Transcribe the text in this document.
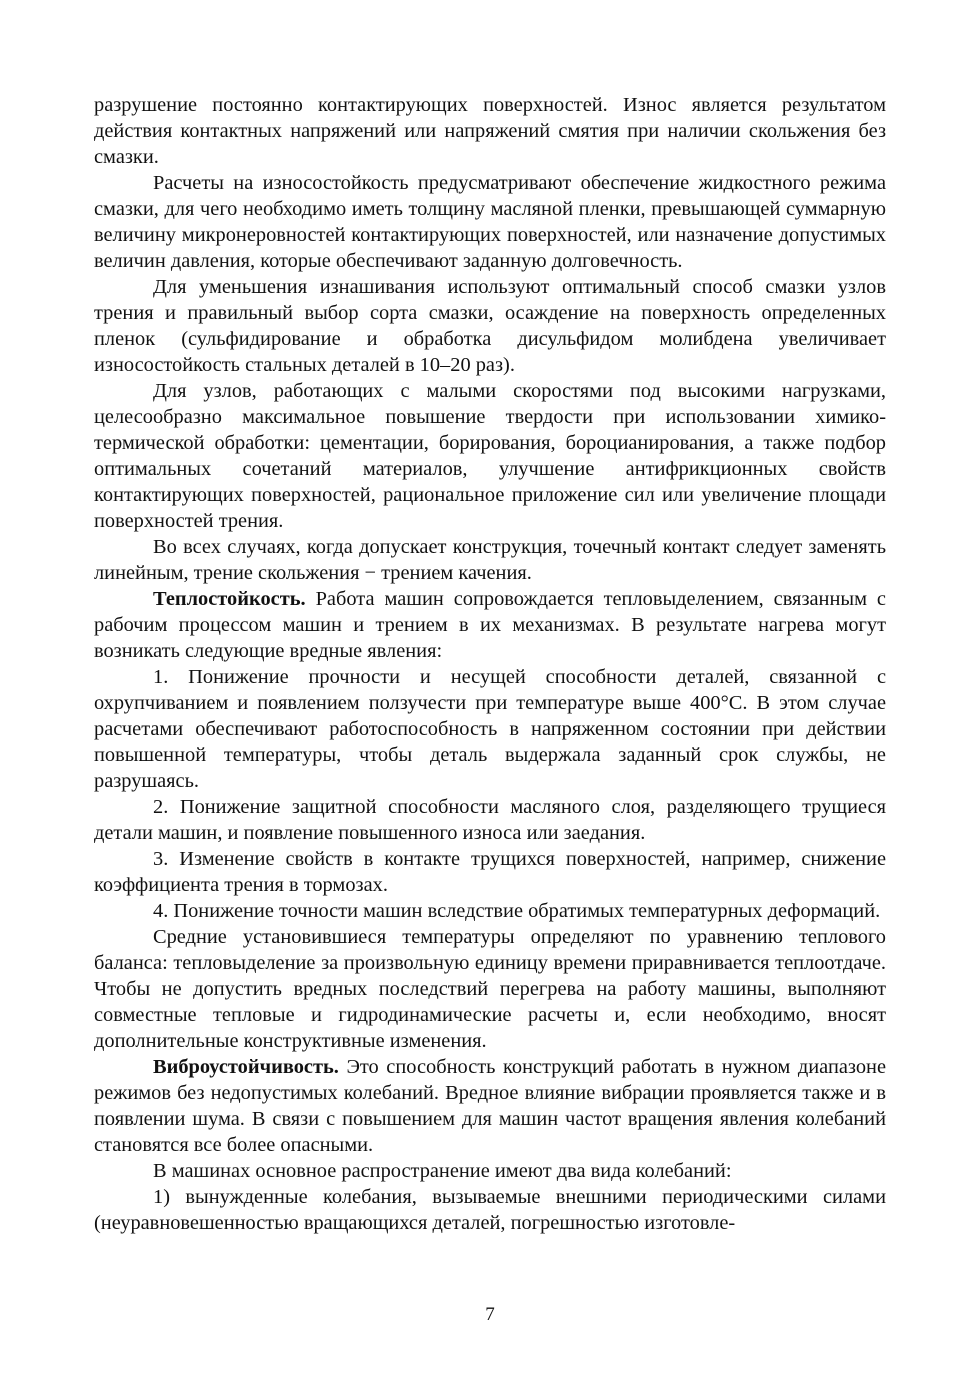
разрушение постоянно контактирующих поверхностей. Износ является результатом действия контактных напряжений или напряжений смятия при наличии скольжения без смазки.

Расчеты на износостойкость предусматривают обеспечение жидкостного режима смазки, для чего необходимо иметь толщину масляной пленки, превышающей суммарную величину микронеровностей контактирующих поверхностей, или назначение допустимых величин давления, которые обеспечивают заданную долговечность.

Для уменьшения изнашивания используют оптимальный способ смазки узлов трения и правильный выбор сорта смазки, осаждение на поверхность определенных пленок (сульфидирование и обработка дисульфидом молибдена увеличивает износостойкость стальных деталей в 10–20 раз).

Для узлов, работающих с малыми скоростями под высокими нагрузками, целесообразно максимальное повышение твердости при использовании химико-термической обработки: цементации, борирования, бороцианирования, а также подбор оптимальных сочетаний материалов, улучшение антифрикционных свойств контактирующих поверхностей, рациональное приложение сил или увеличение площади поверхностей трения.

Во всех случаях, когда допускает конструкция, точечный контакт следует заменять линейным, трение скольжения − трением качения.

Теплостойкость. Работа машин сопровождается тепловыделением, связанным с рабочим процессом машин и трением в их механизмах. В результате нагрева могут возникать следующие вредные явления:

1. Понижение прочности и несущей способности деталей, связанной с охрупчиванием и появлением ползучести при температуре выше 400°С. В этом случае расчетами обеспечивают работоспособность в напряженном состоянии при действии повышенной температуры, чтобы деталь выдержала заданный срок службы, не разрушаясь.

2. Понижение защитной способности масляного слоя, разделяющего трущиеся детали машин, и появление повышенного износа или заедания.

3. Изменение свойств в контакте трущихся поверхностей, например, снижение коэффициента трения в тормозах.

4. Понижение точности машин вследствие обратимых температурных деформаций.

Средние установившиеся температуры определяют по уравнению теплового баланса: тепловыделение за произвольную единицу времени приравнивается теплоотдаче. Чтобы не допустить вредных последствий перегрева на работу машины, выполняют совместные тепловые и гидродинамические расчеты и, если необходимо, вносят дополнительные конструктивные изменения.

Виброустойчивость. Это способность конструкций работать в нужном диапазоне режимов без недопустимых колебаний. Вредное влияние вибрации проявляется также и в появлении шума. В связи с повышением для машин частот вращения явления колебаний становятся все более опасными.

В машинах основное распространение имеют два вида колебаний:

1) вынужденные колебания, вызываемые внешними периодическими силами (неуравновешенностью вращающихся деталей, погрешностью изготовле-

7
